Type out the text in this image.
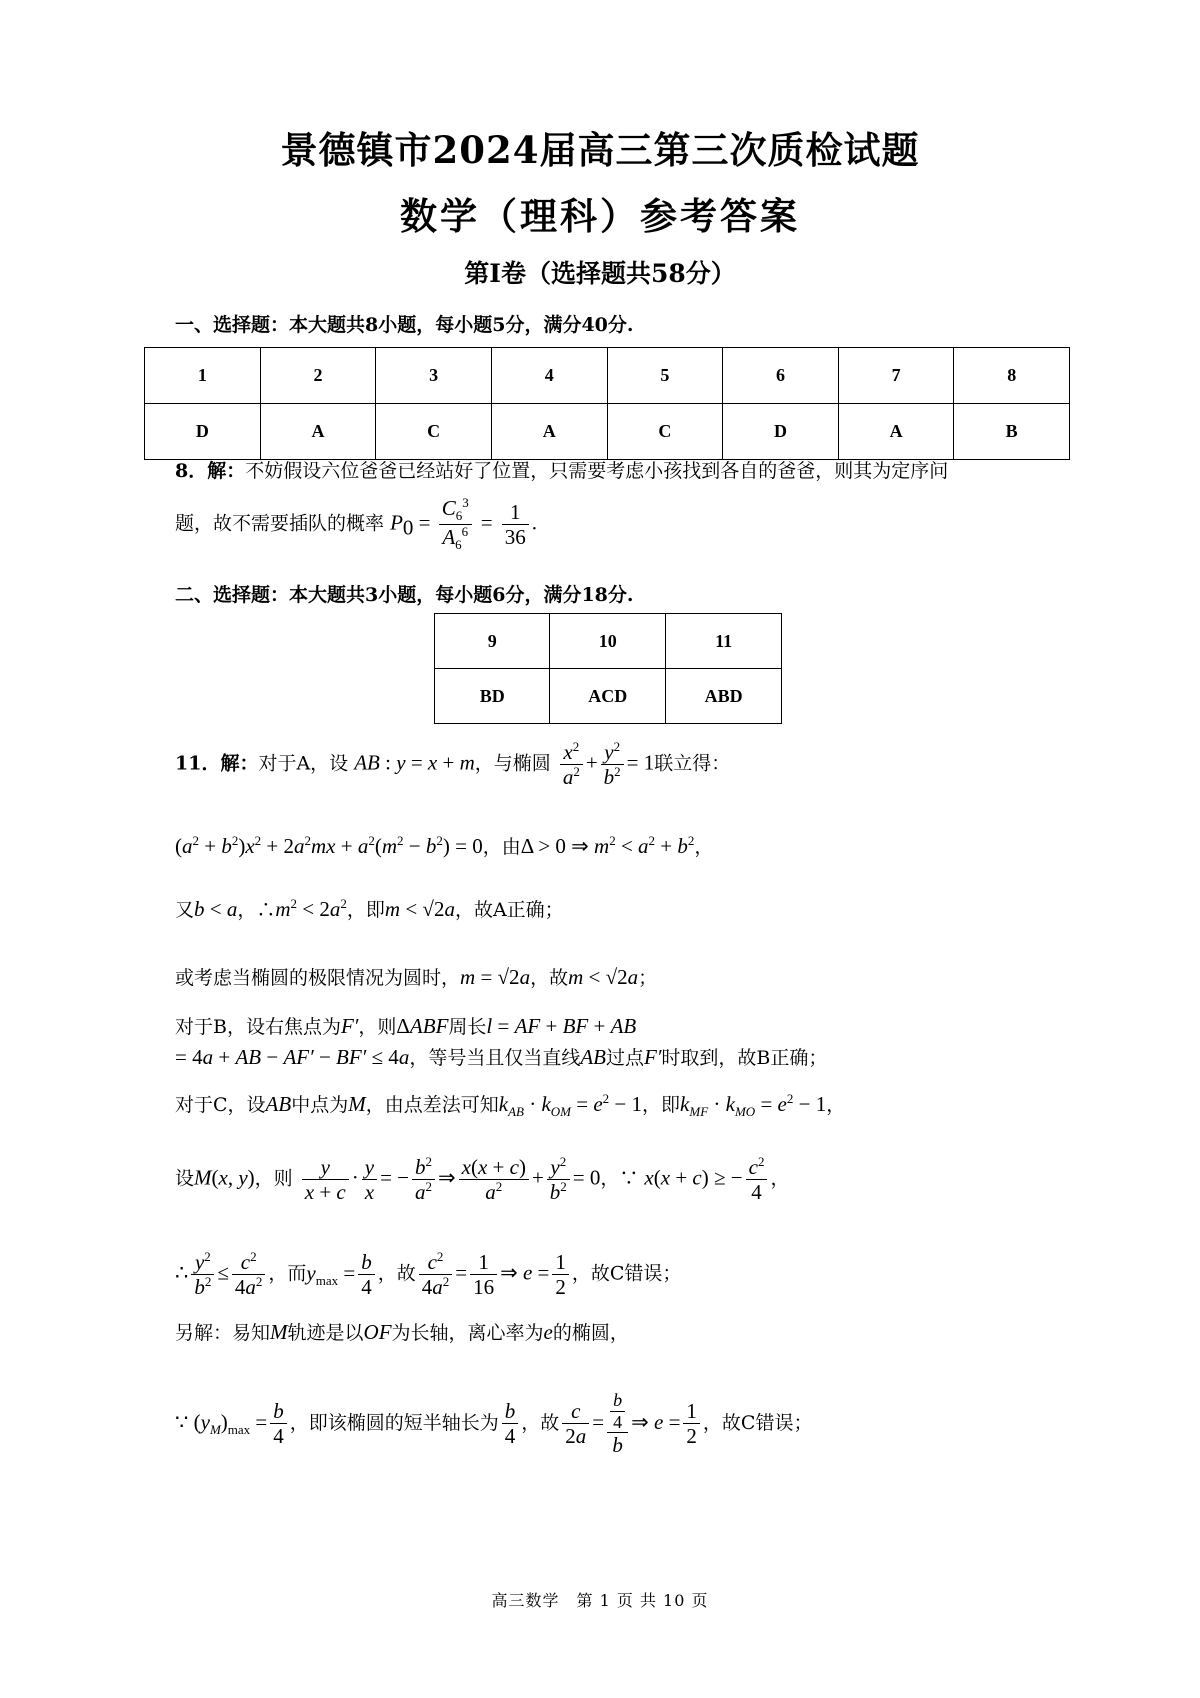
景德镇市2024届高三第三次质检试题
数学（理科）参考答案
第I卷（选择题共58分）
一、选择题：本大题共8小题，每小题5分，满分40分.
1	2	3	4	5	6	7	8
D	A	C	A	C	D	A	B
8．解：不妨假设六位爸爸已经站好了位置，只需要考虑小孩找到各自的爸爸，则其为定序问
题，故不需要插队的概率 $P_0 = \frac{C_6^3}{A_6^6} = \frac{1}{36}$ .
二、选择题：本大题共3小题，每小题6分，满分18分.
9	10	11
BD	ACD	ABD
11．解：对于A，设 AB : y = x + m，与椭圆 $\frac{x^2}{a^2} + \frac{y^2}{b^2} = 1$联立得：
$(a^2 + b^2)x^2 + 2a^2mx + a^2(m^2 - b^2) = 0$，由Δ > 0 ⇒ $m^2 < a^2 + b^2$，
又b < a，$\therefore m^2 < 2a^2$，即m < √2a，故A正确；
或考虑当椭圆的极限情况为圆时，m = √2a，故m < √2a；
对于B，设右焦点为F′，则ΔABF周长l = AF + BF + AB
= 4a + AB − AF′ − BF′ ≤ 4a，等号当且仅当直线AB过点F′时取到，故B正确；
对于C，设AB中点为M，由点差法可知$k_{AB} \cdot k_{OM} = e^2 - 1$，即$k_{MF} \cdot k_{MO} = e^2 - 1$，
设M(x, y)，则 $\frac{y}{x + c} \cdot \frac{y}{x}$ = − $\frac{b^2}{a^2}$ ⇒ $\frac{x(x + c)}{a^2} + \frac{y^2}{b^2} = 0$，∵ x(x + c) ≥ − $\frac{c^2}{4}$ ，
∴ $\frac{y^2}{b^2} \le \frac{c^2}{4a^2}$ ，而$y_{max} = \frac{b}{4}$ ，故 $\frac{c^2}{4a^2} = \frac{1}{16}$ ⇒ $e = \frac{1}{2}$ ，故C错误；
另解：易知M轨迹是以OF为长轴，离心率为e的椭圆，
∵ $(y_M)_{max} = \frac{b}{4}$ ，即该椭圆的短半轴长为 $\frac{b}{4}$ ，故 $\frac{c}{2a} = \frac{\frac{b}{4}}{b}$ ⇒ $e = \frac{1}{2}$ ，故C错误；
高三数学　第 1 页 共 10 页
